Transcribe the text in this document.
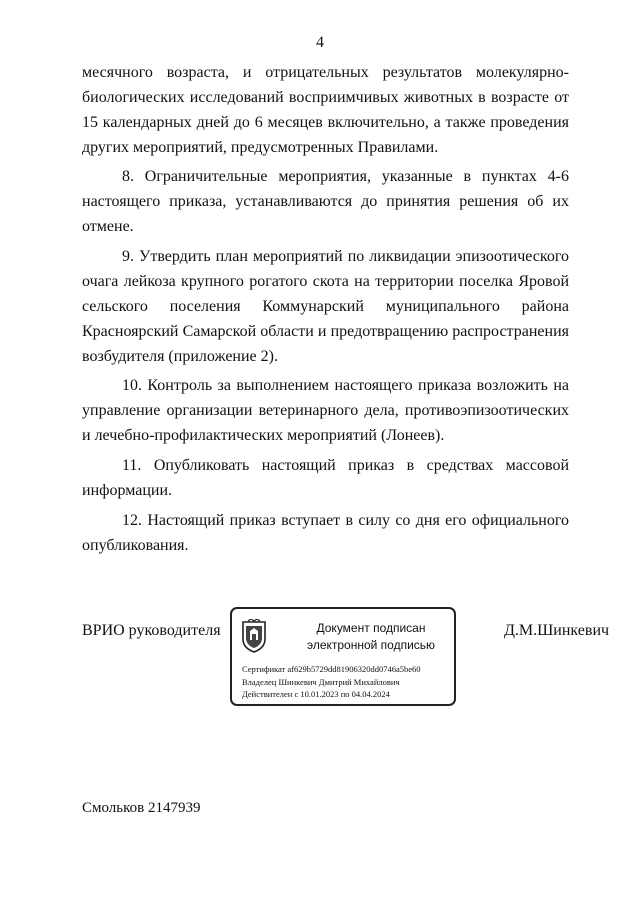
4

месячного возраста, и отрицательных результатов молекулярно-биологических исследований восприимчивых животных в возрасте от 15 календарных дней до 6 месяцев включительно, а также проведения других мероприятий, предусмотренных Правилами.

8. Ограничительные мероприятия, указанные в пунктах 4-6 настоящего приказа, устанавливаются до принятия решения об их отмене.

9. Утвердить план мероприятий по ликвидации эпизоотического очага лейкоза крупного рогатого скота на территории поселка Яровой сельского поселения Коммунарский муниципального района Красноярский Самарской области и предотвращению распространения возбудителя (приложение 2).

10. Контроль за выполнением настоящего приказа возложить на управление организации ветеринарного дела, противоэпизоотических и лечебно-профилактических мероприятий (Лонеев).

11. Опубликовать настоящий приказ в средствах массовой информации.

12. Настоящий приказ вступает в силу со дня его официального опубликования.

ВРИО руководителя	Документ подписан
электронной подписью
Сертификат af629b5729dd81906320dd0746a5be60
Владелец Шинкевич Дмитрий Михайлович
Действителен с 10.01.2023 по 04.04.2024
Д.М.Шинкевич
Смольков 2147939
